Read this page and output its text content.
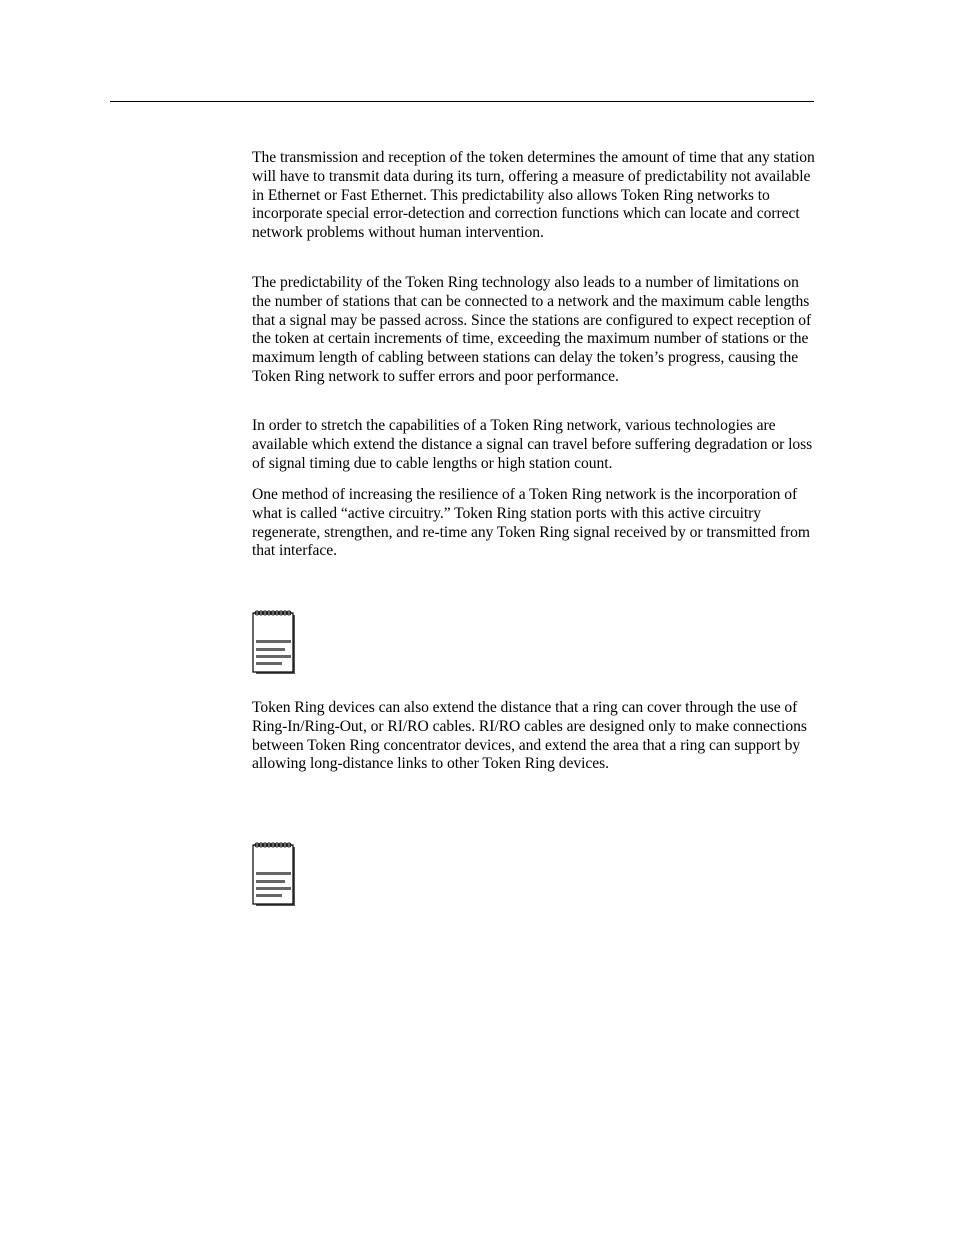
The transmission and reception of the token determines the amount of time that any station will have to transmit data during its turn, offering a measure of predictability not available in Ethernet or Fast Ethernet. This predictability also allows Token Ring networks to incorporate special error-detection and correction functions which can locate and correct network problems without human intervention.

The predictability of the Token Ring technology also leads to a number of limitations on the number of stations that can be connected to a network and the maximum cable lengths that a signal may be passed across. Since the stations are configured to expect reception of the token at certain increments of time, exceeding the maximum number of stations or the maximum length of cabling between stations can delay the token’s progress, causing the Token Ring network to suffer errors and poor performance.

In order to stretch the capabilities of a Token Ring network, various technologies are available which extend the distance a signal can travel before suffering degradation or loss of signal timing due to cable lengths or high station count.

One method of increasing the resilience of a Token Ring network is the incorporation of what is called “active circuitry.” Token Ring station ports with this active circuitry regenerate, strengthen, and re-time any Token Ring signal received by or transmitted from that interface.

Token Ring devices can also extend the distance that a ring can cover through the use of Ring-In/Ring-Out, or RI/RO cables. RI/RO cables are designed only to make connections between Token Ring concentrator devices, and extend the area that a ring can support by allowing long-distance links to other Token Ring devices.
